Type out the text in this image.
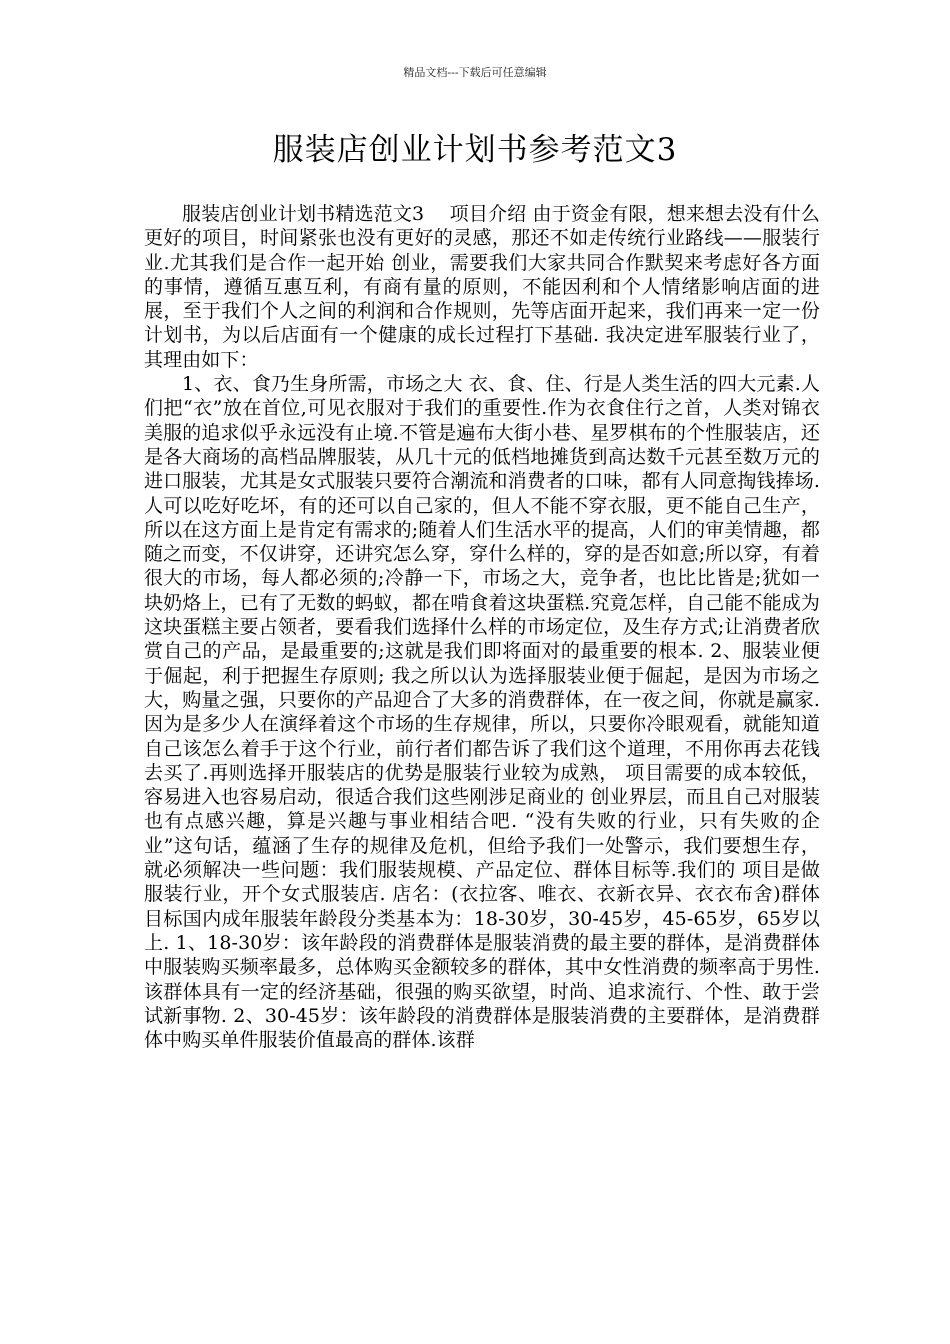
精品文档---下载后可任意编辑
服装店创业计划书参考范文3

服装店创业计划书精选范文3　 项目介绍 由于资金有限，想来想去没有什么更好的项目，时间紧张也没有更好的灵感，那还不如走传统行业路线——服装行业.尤其我们是合作一起开始 创业，需要我们大家共同合作默契来考虑好各方面的事情，遵循互惠互利，有商有量的原则，不能因利和个人情绪影响店面的进展，至于我们个人之间的利润和合作规则，先等店面开起来，我们再来一定一份计划书，为以后店面有一个健康的成长过程打下基础. 我决定进军服装行业了，其理由如下：

1、衣、食乃生身所需，市场之大 衣、食、住、行是人类生活的四大元素.人们把“衣”放在首位,可见衣服对于我们的重要性.作为衣食住行之首，人类对锦衣美服的追求似乎永远没有止境.不管是遍布大街小巷、星罗棋布的个性服装店，还是各大商场的高档品牌服装，从几十元的低档地摊货到高达数千元甚至数万元的进口服装，尤其是女式服装只要符合潮流和消费者的口味，都有人同意掏钱捧场.人可以吃好吃坏，有的还可以自己家的，但人不能不穿衣服，更不能自己生产，所以在这方面上是肯定有需求的;随着人们生活水平的提高，人们的审美情趣，都随之而变，不仅讲穿，还讲究怎么穿，穿什么样的，穿的是否如意;所以穿，有着很大的市场，每人都必须的;冷静一下，市场之大，竞争者，也比比皆是;犹如一块奶烙上，已有了无数的蚂蚁，都在啃食着这块蛋糕.究竟怎样，自己能不能成为这块蛋糕主要占领者，要看我们选择什么样的市场定位，及生存方式;让消费者欣赏自己的产品，是最重要的;这就是我们即将面对的最重要的根本. 2、服装业便于倔起，利于把握生存原则; 我之所以认为选择服装业便于倔起，是因为市场之大，购量之强，只要你的产品迎合了大多的消费群体，在一夜之间，你就是赢家.因为是多少人在演绎着这个市场的生存规律，所以，只要你冷眼观看，就能知道自己该怎么着手于这个行业，前行者们都告诉了我们这个道理，不用你再去花钱去买了.再则选择开服装店的优势是服装行业较为成熟， 项目需要的成本较低，容易进入也容易启动，很适合我们这些刚涉足商业的 创业界层，而且自己对服装也有点感兴趣，算是兴趣与事业相结合吧. “没有失败的行业，只有失败的企业”这句话，蕴涵了生存的规律及危机，但给予我们一处警示，我们要想生存，就必须解决一些问题：我们服装规模、产品定位、群体目标等.我们的 项目是做服装行业，开个女式服装店. 店名：(衣拉客、唯衣、衣新衣异、衣衣布舍)群体目标国内成年服装年龄段分类基本为：18-30岁，30-45岁，45-65岁，65岁以上. 1、18-30岁：该年龄段的消费群体是服装消费的最主要的群体，是消费群体中服装购买频率最多，总体购买金额较多的群体，其中女性消费的频率高于男性.该群体具有一定的经济基础，很强的购买欲望，时尚、追求流行、个性、敢于尝试新事物. 2、30-45岁：该年龄段的消费群体是服装消费的主要群体，是消费群体中购买单件服装价值最高的群体.该群
